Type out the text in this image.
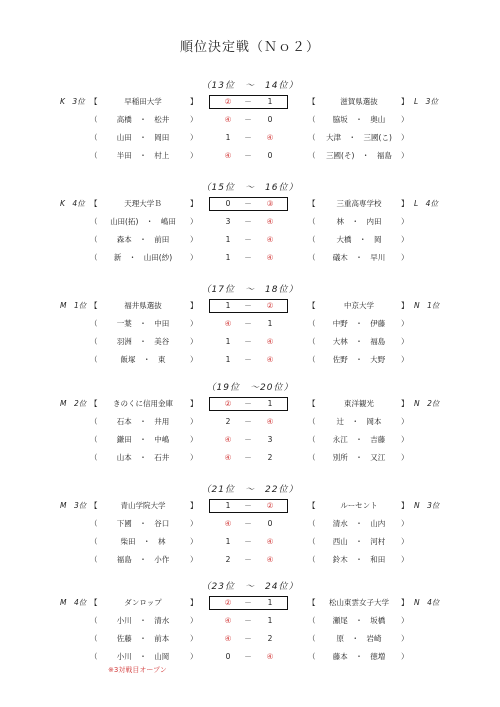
順位決定戦（Ｎｏ２）
（13位　～　14位）
K　3位 【	早稲田大学	】	②	－	1	【	滋賀県選抜	】 L　3位
（	高橋　・　松井	）	④	－	0	（	脇坂　・　奥山	）
（	山田　・　岡田	）	1	－	④	（	大津　・　三國(こ)	）
（	半田　・　村上	）	④	－	0	（	三國(そ)　・　福島	）
（15位　～　16位）
K　4位 【	天理大学Ｂ	】	0	－	③	【	三重高専学校	】 L　4位
（	山田(拓)　・　嶋田	）	3	－	④	（	林　・　内田	）
（	森本　・　前田	）	1	－	④	（	大橋　・　岡	）
（	新　・　山田(紗)	）	1	－	④	（	礒木　・　早川	）
（17位　～　18位）
M　1位 【	福井県選抜	】	1	－	②	【	中京大学	】 N　1位
（	一葉　・　中田	）	④	－	1	（	中野　・　伊藤	）
（	羽洲　・　美谷	）	1	－	④	（	大林　・　福島	）
（	飯塚　・　東	）	1	－	④	（	佐野　・　大野	）
（19位　～20位）
M　2位 【	きのくに信用金庫	】	②	－	1	【	東洋観光	】 N　2位
（	石本　・　井用	）	2	－	④	（	辻　・　岡本	）
（	鎌田　・　中嶋	）	④	－	3	（	永江　・　吉藤	）
（	山本　・　石井	）	④	－	2	（	別所　・　又江	）
（21位　～　22位）
M　3位 【	青山学院大学	】	1	－	②	【	ルーセント	】 N　3位
（	下國　・　谷口	）	④	－	0	（	清水　・　山内	）
（	柴田　・　林	）	1	－	④	（	西山　・　河村	）
（	福島　・　小作	）	2	－	④	（	鈴木　・　和田	）
（23位　～　24位）
M　4位 【	ダンロップ	】	②	－	1	【	松山東雲女子大学	】 N　4位
（	小川　・　清水	）	④	－	1	（	瀬尾　・　坂橋	）
（	佐藤　・　前本	）	④	－	2	（	原　・　岩崎	）
（	小川　・　山岡	）	0	－	④	（	藤本　・　徳増	）
※3対戦目オープン
